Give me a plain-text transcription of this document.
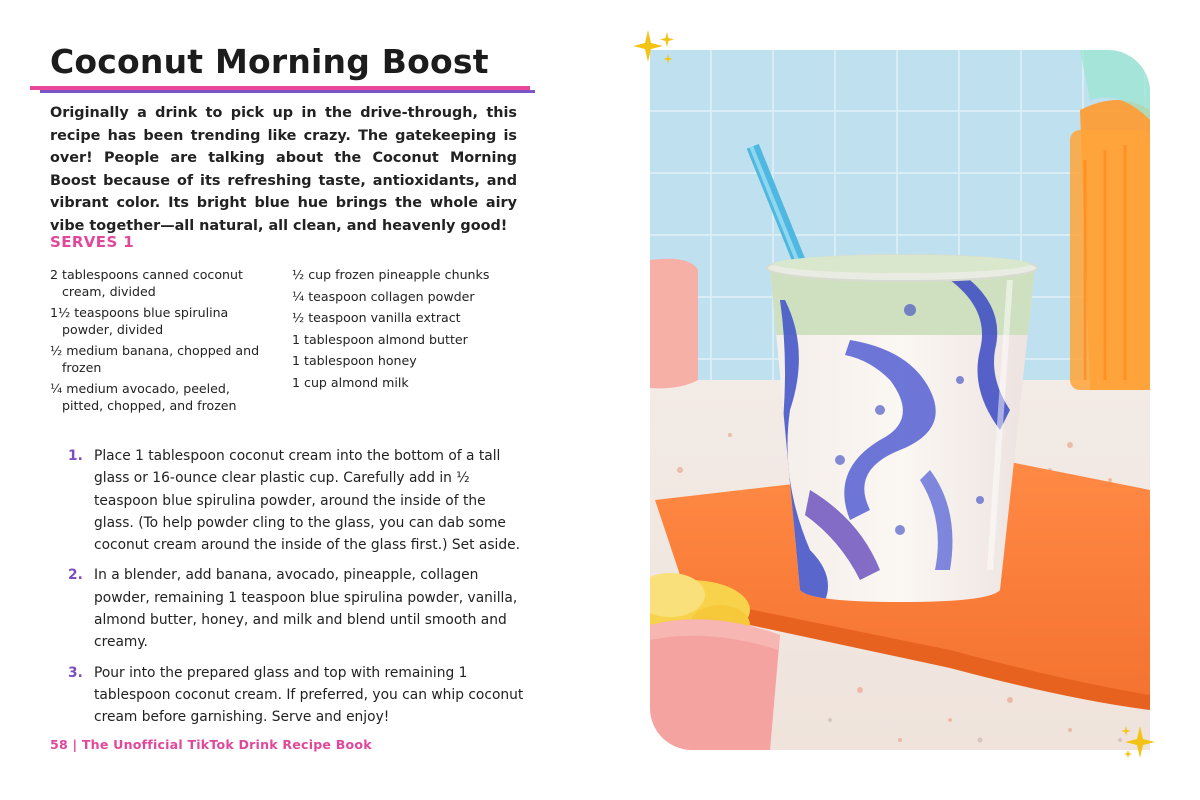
Coconut Morning Boost

Originally a drink to pick up in the drive-through, this recipe has been trending like crazy. The gatekeeping is over! People are talking about the Coconut Morning Boost because of its refreshing taste, antioxidants, and vibrant color. Its bright blue hue brings the whole airy vibe together—all natural, all clean, and heavenly good!

SERVES 1
2 tablespoons canned coconut cream, divided
1½ teaspoons blue spirulina powder, divided
½ medium banana, chopped and frozen
¼ medium avocado, peeled, pitted, chopped, and frozen
½ cup frozen pineapple chunks
¼ teaspoon collagen powder
½ teaspoon vanilla extract
1 tablespoon almond butter
1 tablespoon honey
1 cup almond milk
1. Place 1 tablespoon coconut cream into the bottom of a tall glass or 16-ounce clear plastic cup. Carefully add in ½ teaspoon blue spirulina powder, around the inside of the glass. (To help powder cling to the glass, you can dab some coconut cream around the inside of the glass first.) Set aside.
2. In a blender, add banana, avocado, pineapple, collagen powder, remaining 1 teaspoon blue spirulina powder, vanilla, almond butter, honey, and milk and blend until smooth and creamy.
3. Pour into the prepared glass and top with remaining 1 tablespoon coconut cream. If preferred, you can whip coconut cream before garnishing. Serve and enjoy!

58 | The Unofficial TikTok Drink Recipe Book
